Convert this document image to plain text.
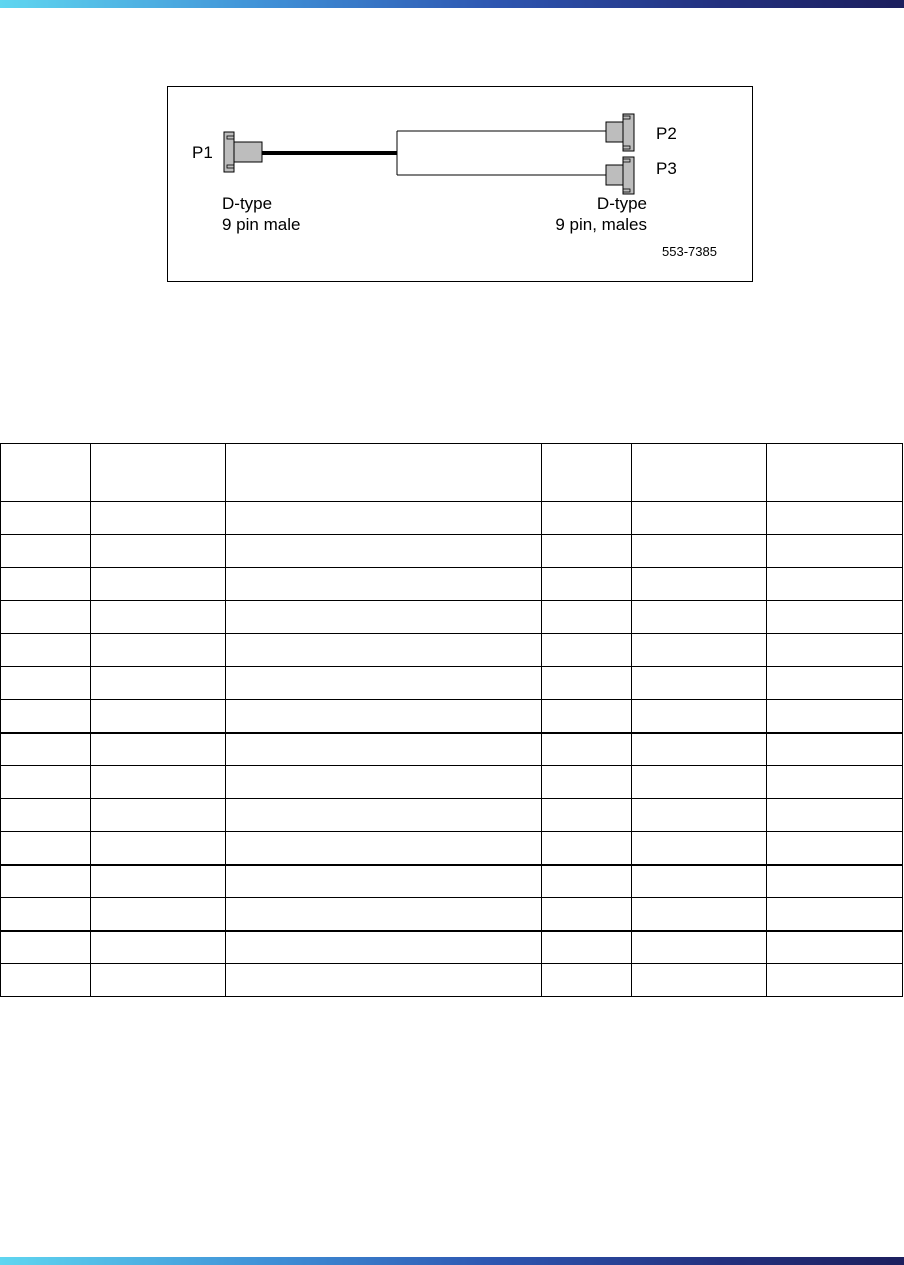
P1
P2
P3
D-type
9 pin male
D-type
9 pin, males
553-7385
